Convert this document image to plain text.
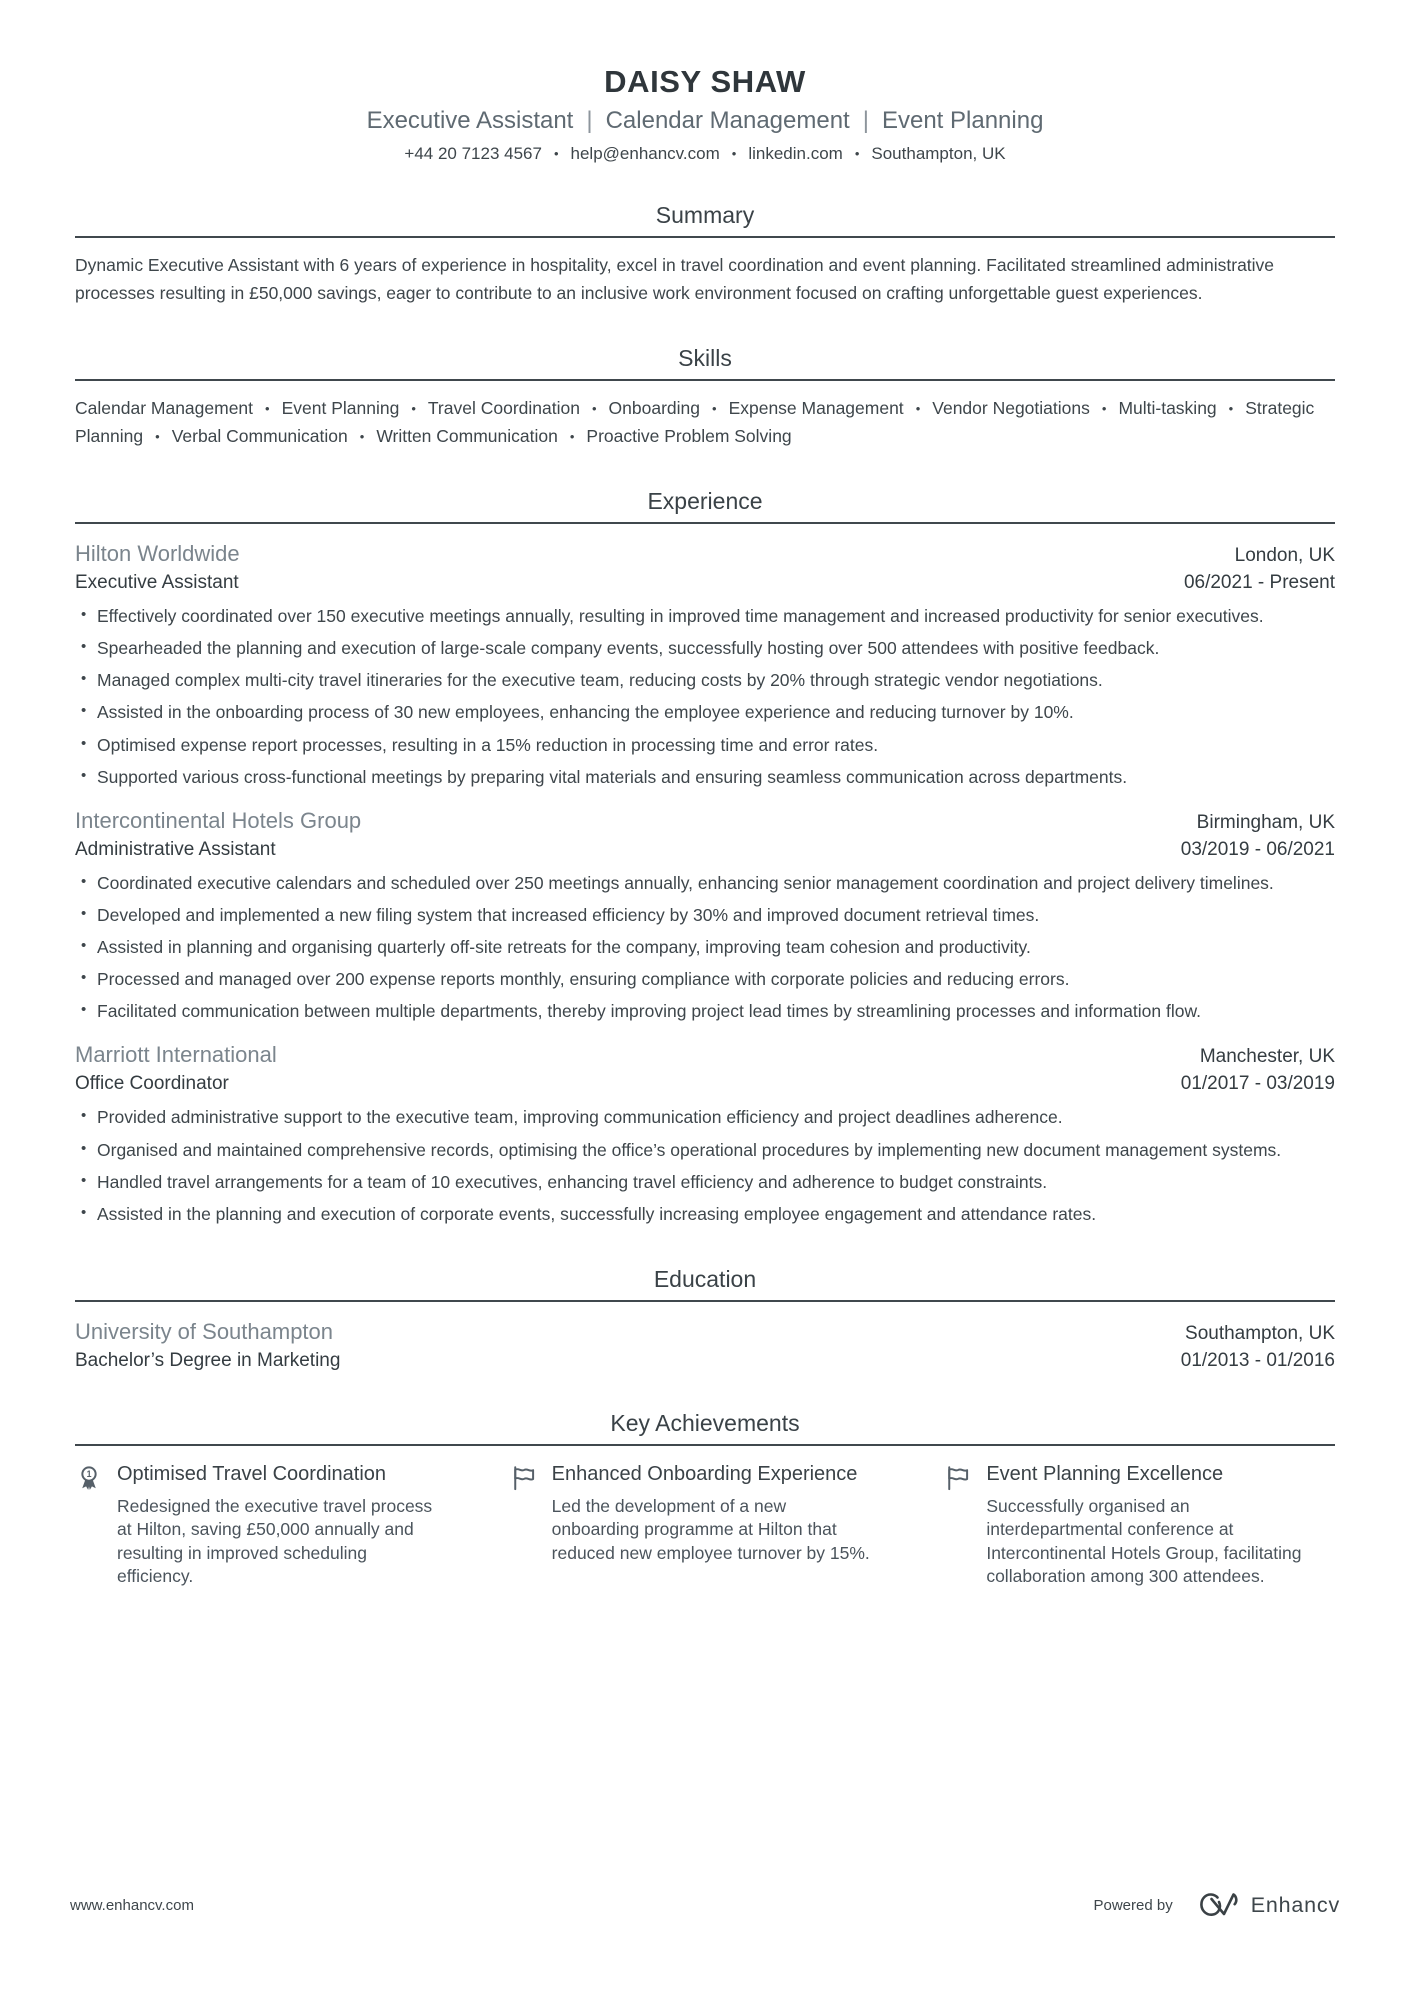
DAISY SHAW
Executive Assistant | Calendar Management | Event Planning
+44 20 7123 4567 • help@enhancv.com • linkedin.com • Southampton, UK
Summary

Dynamic Executive Assistant with 6 years of experience in hospitality, excel in travel coordination and event planning. Facilitated streamlined administrative processes resulting in £50,000 savings, eager to contribute to an inclusive work environment focused on crafting unforgettable guest experiences.

Skills

Calendar Management • Event Planning • Travel Coordination • Onboarding • Expense Management • Vendor Negotiations • Multi-tasking • Strategic Planning • Verbal Communication • Written Communication • Proactive Problem Solving

Experience
Hilton Worldwide	London, UK
Executive Assistant	06/2021 - Present
• Effectively coordinated over 150 executive meetings annually, resulting in improved time management and increased productivity for senior executives.
• Spearheaded the planning and execution of large-scale company events, successfully hosting over 500 attendees with positive feedback.
• Managed complex multi-city travel itineraries for the executive team, reducing costs by 20% through strategic vendor negotiations.
• Assisted in the onboarding process of 30 new employees, enhancing the employee experience and reducing turnover by 10%.
• Optimised expense report processes, resulting in a 15% reduction in processing time and error rates.
• Supported various cross-functional meetings by preparing vital materials and ensuring seamless communication across departments.
Intercontinental Hotels Group	Birmingham, UK
Administrative Assistant	03/2019 - 06/2021
• Coordinated executive calendars and scheduled over 250 meetings annually, enhancing senior management coordination and project delivery timelines.
• Developed and implemented a new filing system that increased efficiency by 30% and improved document retrieval times.
• Assisted in planning and organising quarterly off-site retreats for the company, improving team cohesion and productivity.
• Processed and managed over 200 expense reports monthly, ensuring compliance with corporate policies and reducing errors.
• Facilitated communication between multiple departments, thereby improving project lead times by streamlining processes and information flow.
Marriott International	Manchester, UK
Office Coordinator	01/2017 - 03/2019
• Provided administrative support to the executive team, improving communication efficiency and project deadlines adherence.
• Organised and maintained comprehensive records, optimising the office’s operational procedures by implementing new document management systems.
• Handled travel arrangements for a team of 10 executives, enhancing travel efficiency and adherence to budget constraints.
• Assisted in the planning and execution of corporate events, successfully increasing employee engagement and attendance rates.
Education
University of Southampton	Southampton, UK
Bachelor’s Degree in Marketing	01/2013 - 01/2016
Key Achievements
1 Optimised Travel Coordination

Redesigned the executive travel process at Hilton, saving £50,000 annually and resulting in improved scheduling efficiency.

Enhanced Onboarding Experience

Led the development of a new onboarding programme at Hilton that reduced new employee turnover by 15%.

Event Planning Excellence

Successfully organised an interdepartmental conference at Intercontinental Hotels Group, facilitating collaboration among 300 attendees.

www.enhancv.com	Powered by	Enhancv
